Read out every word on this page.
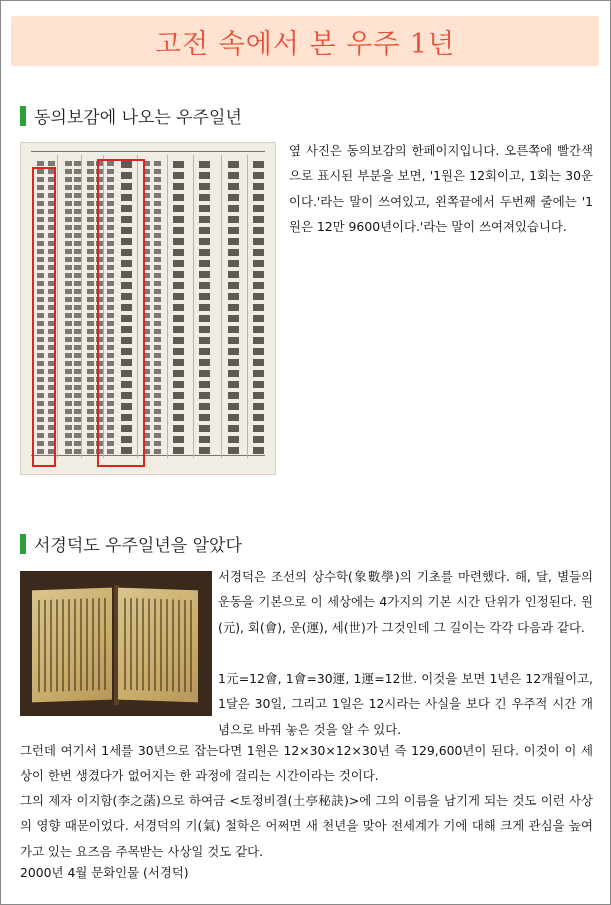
고전 속에서 본 우주 1년
동의보감에 나오는 우주일년

옆 사진은 동의보감의 한페이지입니다. 오른쪽에 빨간색으로 표시된 부분을 보면, '1원은 12회이고, 1회는 30운이다.'라는 말이 쓰여있고, 왼쪽끝에서 두번째 줄에는 '1원은 12만 9600년이다.'라는 말이 쓰여져있습니다.

서경덕도 우주일년을 알았다

서경덕은 조선의 상수학(象數學)의 기초를 마련했다. 해, 달, 별들의 운동을 기본으로 이 세상에는 4가지의 기본 시간 단위가 인정된다. 원(元), 회(會), 운(運), 세(世)가 그것인데 그 길이는 각각 다음과 같다.

1元=12會, 1會=30運, 1運=12世. 이것을 보면 1년은 12개월이고, 1달은 30일, 그리고 1일은 12시라는 사실을 보다 긴 우주적 시간 개념으로 바꿔 놓은 것을 알 수 있다.

그런데 여기서 1세를 30년으로 잡는다면 1원은 12×30×12×30년 즉 129,600년이 된다. 이것이 이 세상이 한번 생겼다가 없어지는 한 과정에 걸리는 시간이라는 것이다.

그의 제자 이지함(李之菡)으로 하여금 <토정비결(土亭秘訣)>에 그의 이름을 남기게 되는 것도 이런 사상의 영향 때문이었다. 서경덕의 기(氣) 철학은 어쩌면 새 천년을 맞아 전세계가 기에 대해 크게 관심을 높여가고 있는 요즈음 주목받는 사상일 것도 같다.

2000년 4월 문화인물 (서경덕)
